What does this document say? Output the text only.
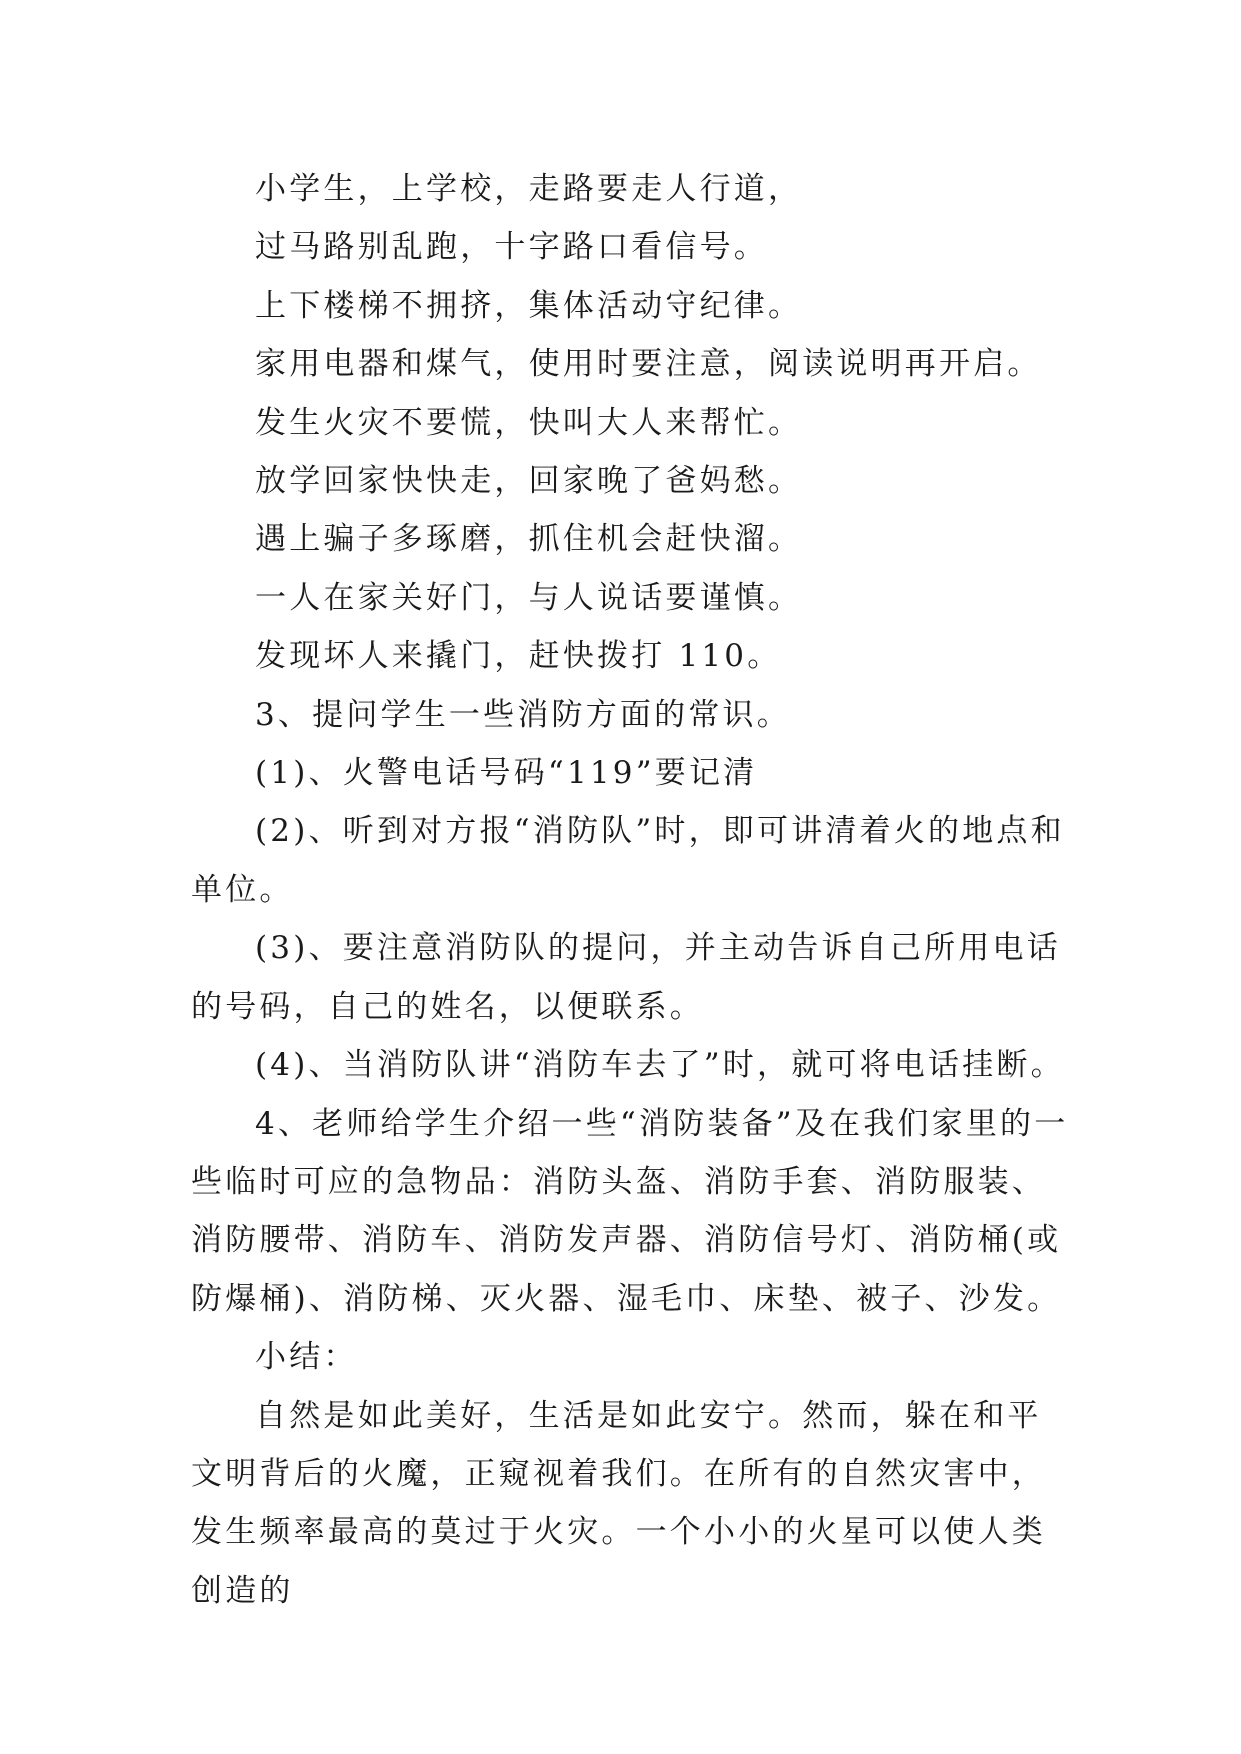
小学生，上学校，走路要走人行道，

过马路别乱跑，十字路口看信号。

上下楼梯不拥挤，集体活动守纪律。

家用电器和煤气，使用时要注意，阅读说明再开启。

发生火灾不要慌，快叫大人来帮忙。

放学回家快快走，回家晚了爸妈愁。

遇上骗子多琢磨，抓住机会赶快溜。

一人在家关好门，与人说话要谨慎。

发现坏人来撬门，赶快拨打 110。

3、提问学生一些消防方面的常识。

(1)、火警电话号码“119”要记清

(2)、听到对方报“消防队”时，即可讲清着火的地点和单位。

(3)、要注意消防队的提问，并主动告诉自己所用电话的号码，自己的姓名，以便联系。

(4)、当消防队讲“消防车去了”时，就可将电话挂断。

4、老师给学生介绍一些“消防装备”及在我们家里的一些临时可应的急物品：消防头盔、消防手套、消防服装、消防腰带、消防车、消防发声器、消防信号灯、消防桶(或防爆桶)、消防梯、灭火器、湿毛巾、床垫、被子、沙发。

小结：

自然是如此美好，生活是如此安宁。然而，躲在和平文明背后的火魔，正窥视着我们。在所有的自然灾害中，发生频率最高的莫过于火灾。一个小小的火星可以使人类创造的
